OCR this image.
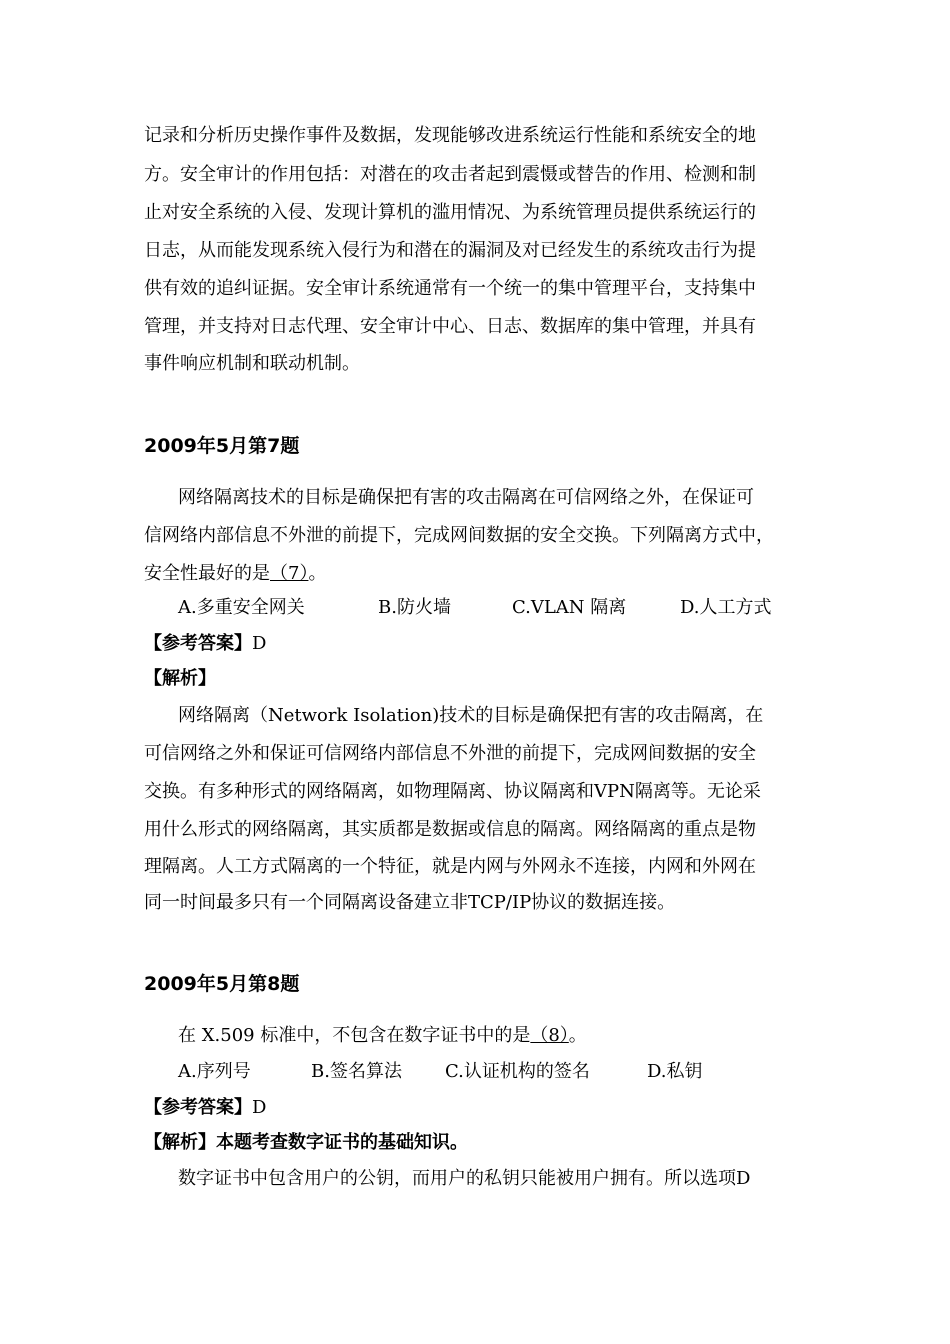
记录和分析历史操作事件及数据，发现能够改进系统运行性能和系统安全的地
方。安全审计的作用包括：对潜在的攻击者起到震慑或替告的作用、检测和制
止对安全系统的入侵、发现计算机的滥用情况、为系统管理员提供系统运行的
日志，从而能发现系统入侵行为和潜在的漏洞及对已经发生的系统攻击行为提
供有效的追纠证据。安全审计系统通常有一个统一的集中管理平台，支持集中
管理，并支持对日志代理、安全审计中心、日志、数据库的集中管理，并具有
事件响应机制和联动机制。
2009年5月第7题
网络隔离技术的目标是确保把有害的攻击隔离在可信网络之外，在保证可
信网络内部信息不外泄的前提下，完成网间数据的安全交换。下列隔离方式中，
安全性最好的是（7）。
A.多重安全网关	B.防火墙	C.VLAN 隔离	D.人工方式
【参考答案】D
【解析】
网络隔离（Network Isolation)技术的目标是确保把有害的攻击隔离，在
可信网络之外和保证可信网络内部信息不外泄的前提下，完成网间数据的安全
交换。有多种形式的网络隔离，如物理隔离、协议隔离和VPN隔离等。无论采
用什么形式的网络隔离，其实质都是数据或信息的隔离。网络隔离的重点是物
理隔离。人工方式隔离的一个特征，就是内网与外网永不连接，内网和外网在
同一时间最多只有一个同隔离设备建立非TCP/IP协议的数据连接。
2009年5月第8题
在 X.509 标准中，不包含在数字证书中的是（8）。
A.序列号	B.签名算法 C.认证机构的签名	D.私钥
【参考答案】D
【解析】本题考查数字证书的基础知识。
数字证书中包含用户的公钥，而用户的私钥只能被用户拥有。所以选项D
